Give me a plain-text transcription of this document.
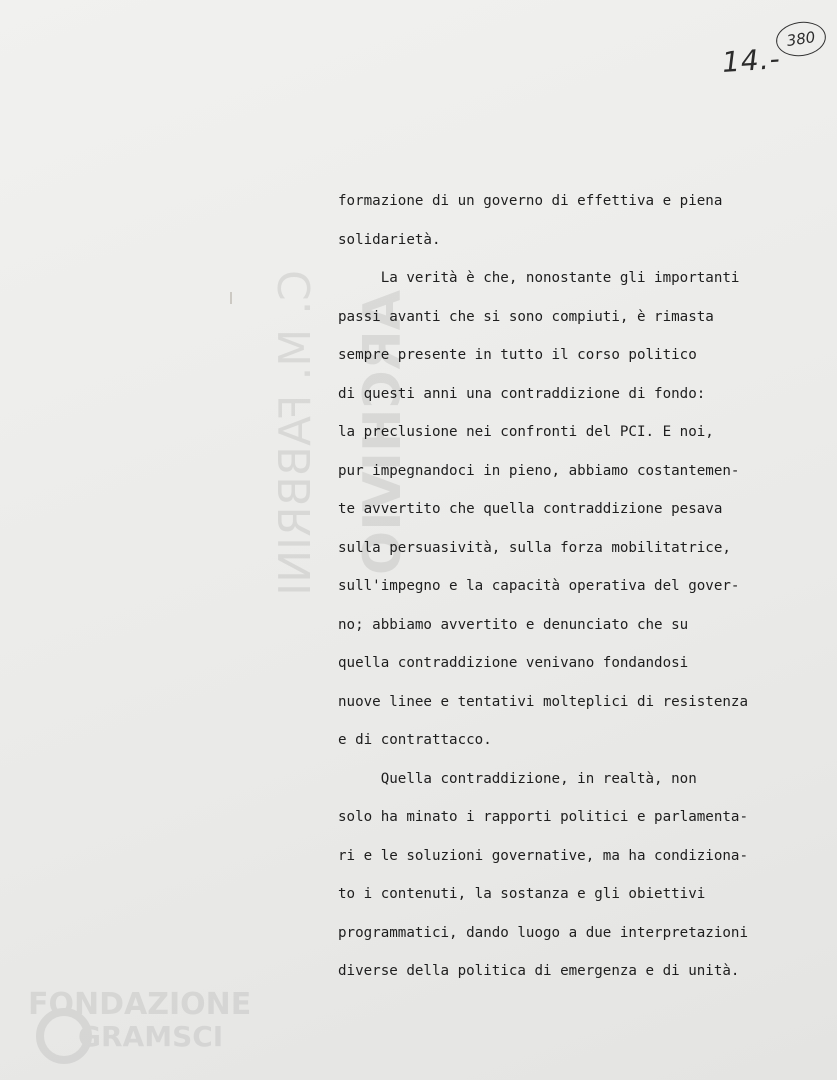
C. M. FABBRINI ARCHIVIO
FONDAZIONE
GRAMSCI
14.-
380
formazione di un governo di effettiva e piena
solidarietà.
La verità è che, nonostante gli importanti
passi avanti che si sono compiuti, è rimasta
sempre presente in tutto il corso politico
di questi anni una contraddizione di fondo:
la preclusione nei confronti del PCI. E noi,
pur impegnandoci in pieno, abbiamo costantemen-
te avvertito che quella contraddizione pesava
sulla persuasività, sulla forza mobilitatrice,
sull'impegno e la capacità operativa del gover-
no; abbiamo avvertito e denunciato che su
quella contraddizione venivano fondandosi
nuove linee e tentativi molteplici di resistenza
e di contrattacco.
Quella contraddizione, in realtà, non
solo ha minato i rapporti politici e parlamenta-
ri e le soluzioni governative, ma ha condiziona-
to i contenuti, la sostanza e gli obiettivi
programmatici, dando luogo a due interpretazioni
diverse della politica di emergenza e di unità.
